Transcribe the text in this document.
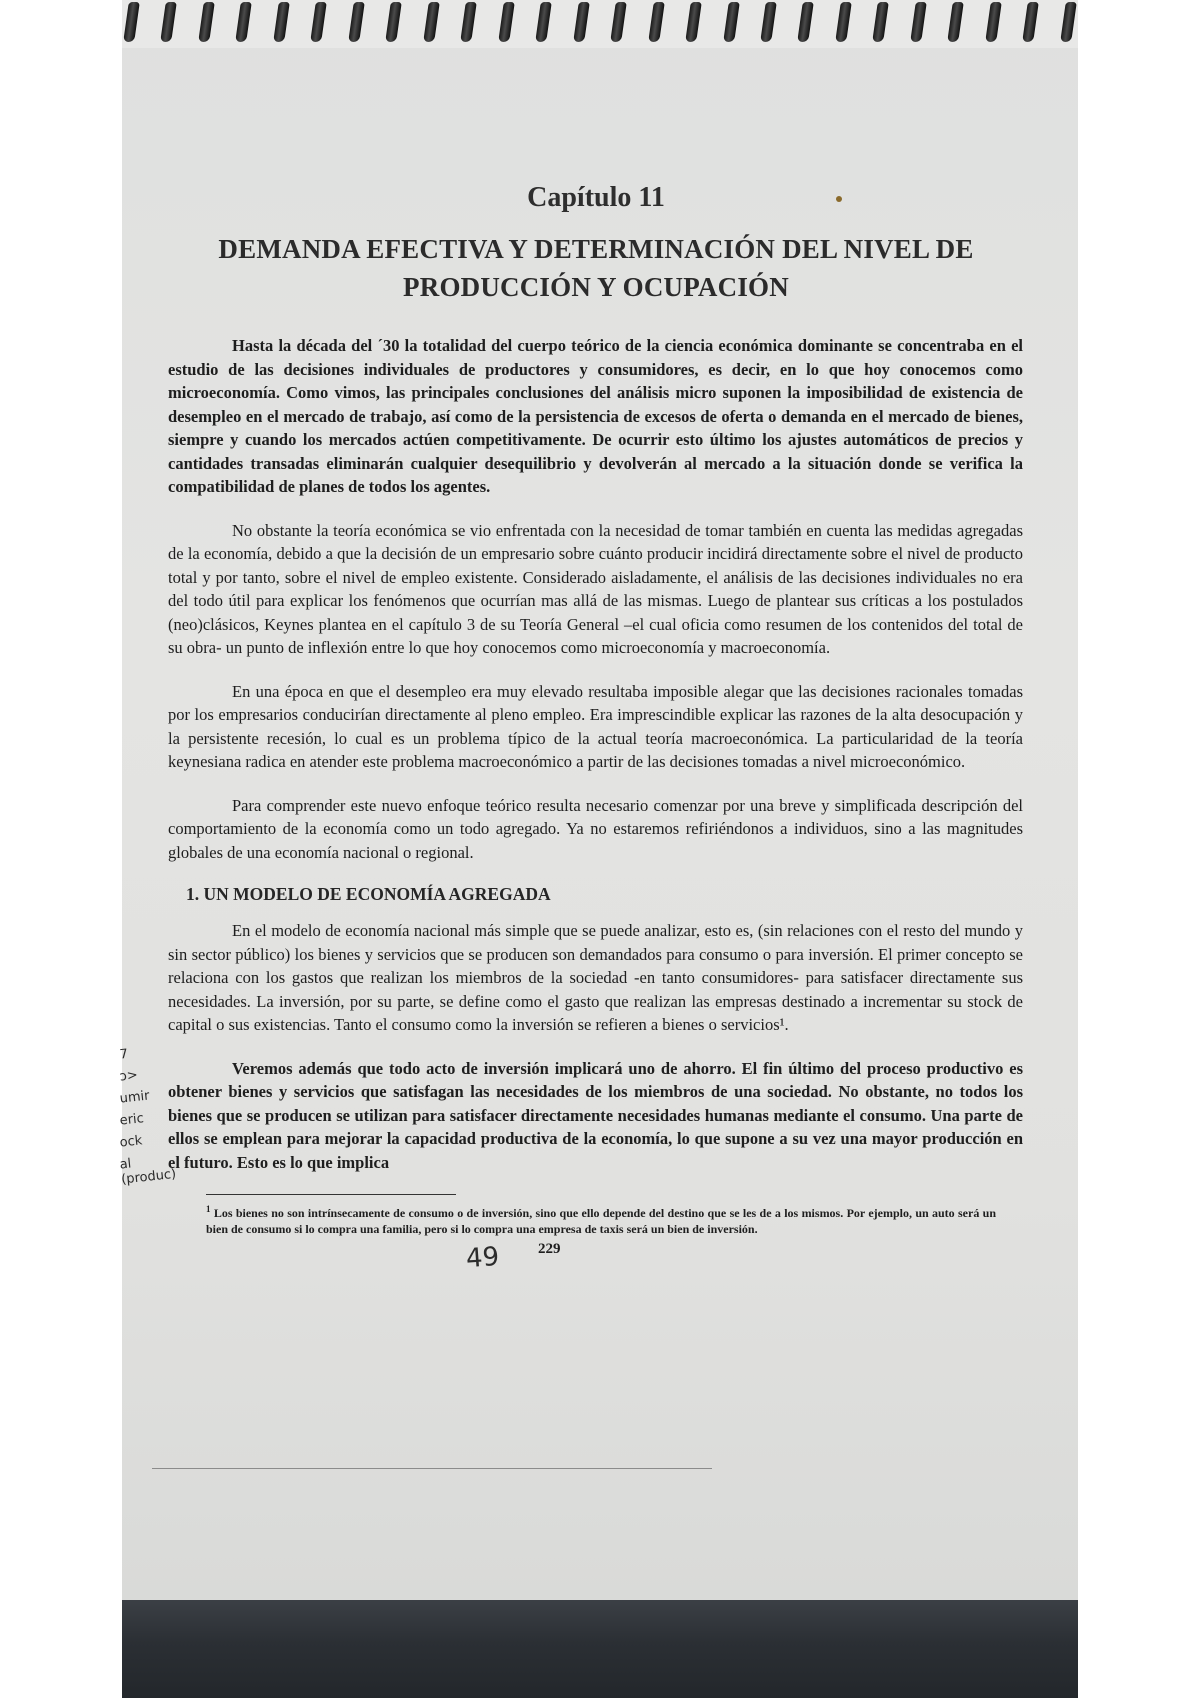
Capítulo 11
DEMANDA EFECTIVA Y DETERMINACIÓN DEL NIVEL DE
PRODUCCIÓN Y OCUPACIÓN

Hasta la década del ´30 la totalidad del cuerpo teórico de la ciencia económica dominante se concentraba en el estudio de las decisiones individuales de productores y consumidores, es decir, en lo que hoy conocemos como microeconomía. Como vimos, las principales conclusiones del análisis micro suponen la imposibilidad de existencia de desempleo en el mercado de trabajo, así como de la persistencia de excesos de oferta o demanda en el mercado de bienes, siempre y cuando los mercados actúen competitivamente. De ocurrir esto último los ajustes automáticos de precios y cantidades transadas eliminarán cualquier desequilibrio y devolverán al mercado a la situación donde se verifica la compatibilidad de planes de todos los agentes.

No obstante la teoría económica se vio enfrentada con la necesidad de tomar también en cuenta las medidas agregadas de la economía, debido a que la decisión de un empresario sobre cuánto producir incidirá directamente sobre el nivel de producto total y por tanto, sobre el nivel de empleo existente. Considerado aisladamente, el análisis de las decisiones individuales no era del todo útil para explicar los fenómenos que ocurrían mas allá de las mismas. Luego de plantear sus críticas a los postulados (neo)clásicos, Keynes plantea en el capítulo 3 de su Teoría General –el cual oficia como resumen de los contenidos del total de su obra- un punto de inflexión entre lo que hoy conocemos como microeconomía y macroeconomía.

En una época en que el desempleo era muy elevado resultaba imposible alegar que las decisiones racionales tomadas por los empresarios conducirían directamente al pleno empleo. Era imprescindible explicar las razones de la alta desocupación y la persistente recesión, lo cual es un problema típico de la actual teoría macroeconómica. La particularidad de la teoría keynesiana radica en atender este problema macroeconómico a partir de las decisiones tomadas a nivel microeconómico.

Para comprender este nuevo enfoque teórico resulta necesario comenzar por una breve y simplificada descripción del comportamiento de la economía como un todo agregado. Ya no estaremos refiriéndonos a individuos, sino a las magnitudes globales de una economía nacional o regional.

1. UN MODELO DE ECONOMÍA AGREGADA

En el modelo de economía nacional más simple que se puede analizar, esto es, (sin relaciones con el resto del mundo y sin sector público) los bienes y servicios que se producen son demandados para consumo o para inversión. El primer concepto se relaciona con los gastos que realizan los miembros de la sociedad -en tanto consumidores- para satisfacer directamente sus necesidades. La inversión, por su parte, se define como el gasto que realizan las empresas destinado a incrementar su stock de capital o sus existencias. Tanto el consumo como la inversión se refieren a bienes o servicios¹.

Veremos además que todo acto de inversión implicará uno de ahorro. El fin último del proceso productivo es obtener bienes y servicios que satisfagan las necesidades de los miembros de una sociedad. No obstante, no todos los bienes que se producen se utilizan para satisfacer directamente necesidades humanas mediante el consumo. Una parte de ellos se emplean para mejorar la capacidad productiva de la economía, lo que supone a su vez una mayor producción en el futuro. Esto es lo que implica

$^1$ Los bienes no son intrínsecamente de consumo o de inversión, sino que ello depende del destino que se les de a los mismos. Por ejemplo, un auto será un bien de consumo si lo compra una familia, pero si lo compra una empresa de taxis será un bien de inversión.

49	229
7
ɔ>
umir
eric
ock
al (produc)
